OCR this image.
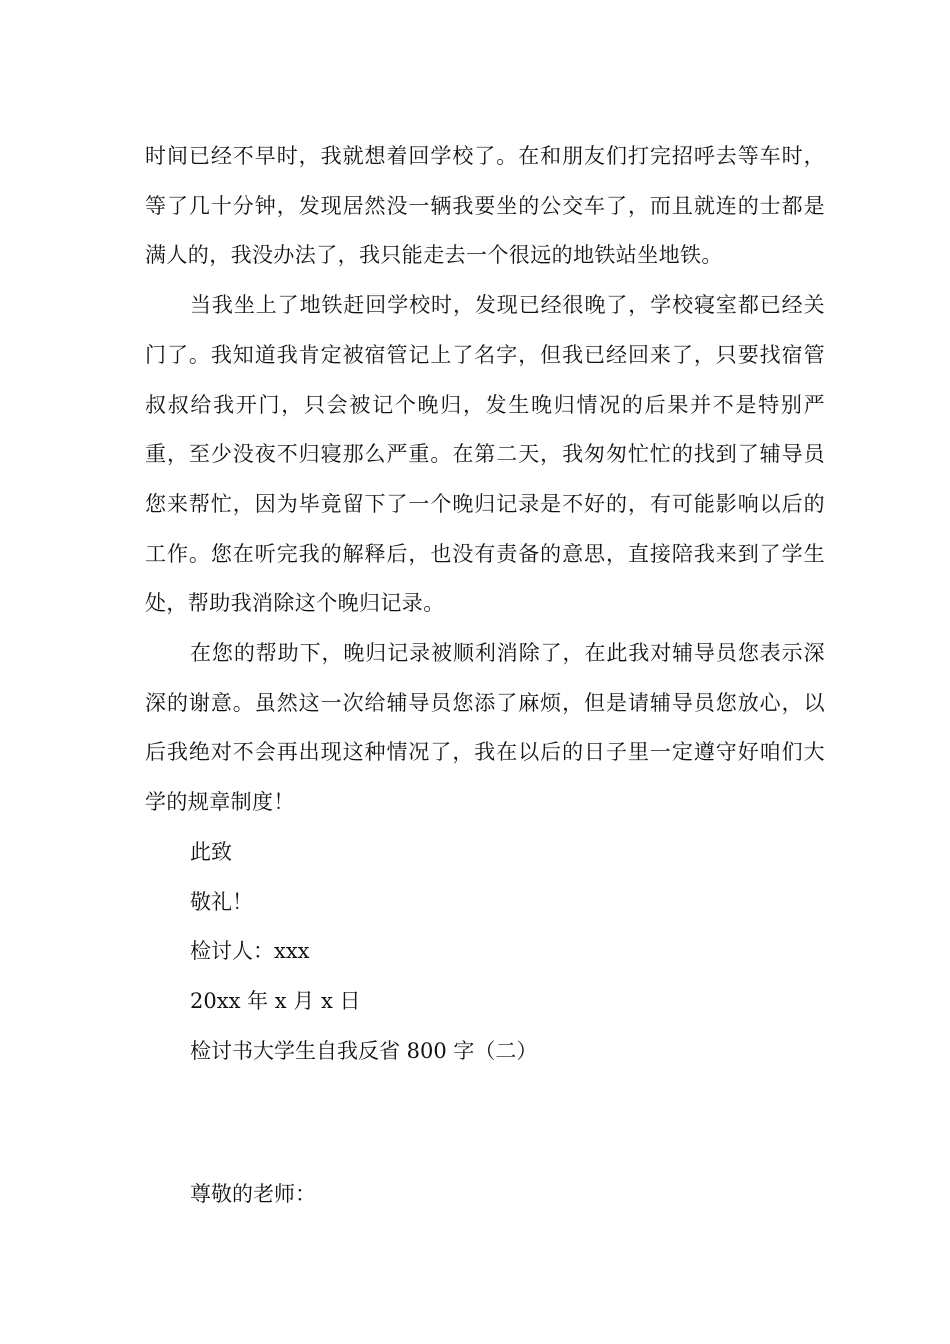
时间已经不早时，我就想着回学校了。在和朋友们打完招呼去等车时，等了几十分钟，发现居然没一辆我要坐的公交车了，而且就连的士都是满人的，我没办法了，我只能走去一个很远的地铁站坐地铁。

当我坐上了地铁赶回学校时，发现已经很晚了，学校寝室都已经关门了。我知道我肯定被宿管记上了名字，但我已经回来了，只要找宿管叔叔给我开门，只会被记个晚归，发生晚归情况的后果并不是特别严重，至少没夜不归寝那么严重。在第二天，我匆匆忙忙的找到了辅导员您来帮忙，因为毕竟留下了一个晚归记录是不好的，有可能影响以后的工作。您在听完我的解释后，也没有责备的意思，直接陪我来到了学生处，帮助我消除这个晚归记录。

在您的帮助下，晚归记录被顺利消除了，在此我对辅导员您表示深深的谢意。虽然这一次给辅导员您添了麻烦，但是请辅导员您放心，以后我绝对不会再出现这种情况了，我在以后的日子里一定遵守好咱们大学的规章制度！

此致

敬礼！

检讨人：xxx

20xx 年 x 月 x 日

检讨书大学生自我反省 800 字（二）

尊敬的老师：
